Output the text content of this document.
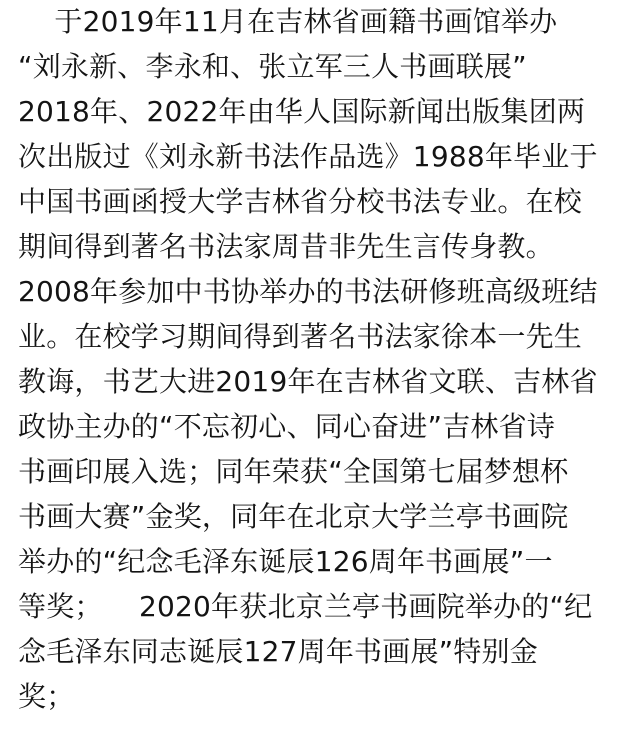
于2019年11月在吉林省画籍书画馆举办
“刘永新、李永和、张立军三人书画联展”
2018年、2022年由华人国际新闻出版集团两
次出版过《刘永新书法作品选》1988年毕业于
中国书画函授大学吉林省分校书法专业。在校
期间得到著名书法家周昔非先生言传身教。
2008年参加中书协举办的书法研修班高级班结
业。在校学习期间得到著名书法家徐本一先生
教诲，书艺大进2019年在吉林省文联、吉林省
政协主办的“不忘初心、同心奋进”吉林省诗
书画印展入选；同年荣获“全国第七届梦想杯
书画大赛”金奖，同年在北京大学兰亭书画院
举办的“纪念毛泽东诞辰126周年书画展”一
等奖；    2020年获北京兰亭书画院举办的“纪
念毛泽东同志诞辰127周年书画展”特别金
奖；
